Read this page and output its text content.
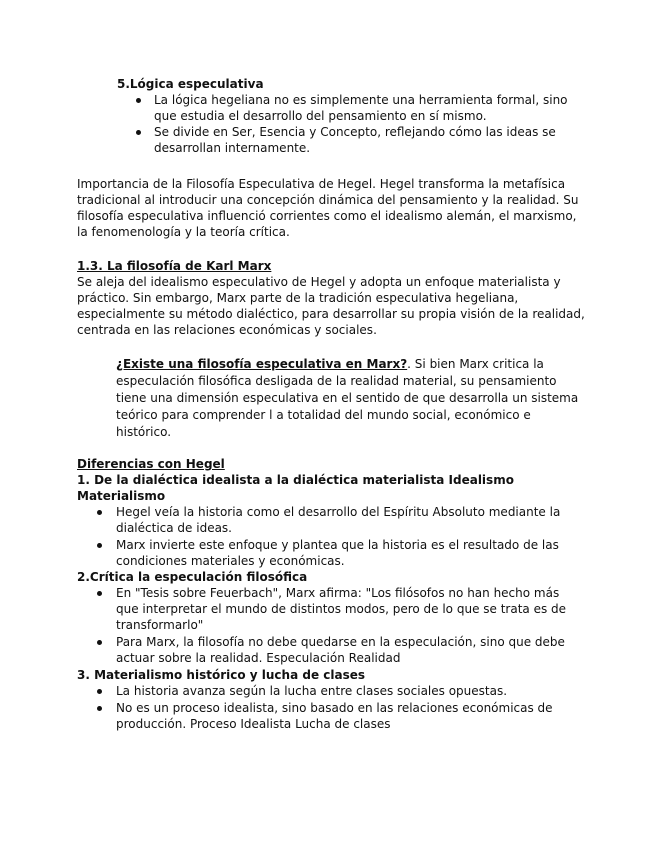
5.Lógica especulativa
La lógica hegeliana no es simplemente una herramienta formal, sino
que estudia el desarrollo del pensamiento en sí mismo.
Se divide en Ser, Esencia y Concepto, reflejando cómo las ideas se
desarrollan internamente.
Importancia de la Filosofía Especulativa de Hegel. Hegel transforma la metafísica
tradicional al introducir una concepción dinámica del pensamiento y la realidad. Su
filosofía especulativa influenció corrientes como el idealismo alemán, el marxismo,
la fenomenología y la teoría crítica.
1.3. La filosofía de Karl Marx
Se aleja del idealismo especulativo de Hegel y adopta un enfoque materialista y
práctico. Sin embargo, Marx parte de la tradición especulativa hegeliana,
especialmente su método dialéctico, para desarrollar su propia visión de la realidad,
centrada en las relaciones económicas y sociales.
¿Existe una filosofía especulativa en Marx?. Si bien Marx critica la
especulación filosófica desligada de la realidad material, su pensamiento
tiene una dimensión especulativa en el sentido de que desarrolla un sistema
teórico para comprender l a totalidad del mundo social, económico e
histórico.
Diferencias con Hegel
1. De la dialéctica idealista a la dialéctica materialista Idealismo
Materialismo
Hegel veía la historia como el desarrollo del Espíritu Absoluto mediante la
dialéctica de ideas.
Marx invierte este enfoque y plantea que la historia es el resultado de las
condiciones materiales y económicas.
2.Crítica la especulación filosófica
En "Tesis sobre Feuerbach", Marx afirma: "Los filósofos no han hecho más
que interpretar el mundo de distintos modos, pero de lo que se trata es de
transformarlo"
Para Marx, la filosofía no debe quedarse en la especulación, sino que debe
actuar sobre la realidad. Especulación Realidad
3. Materialismo histórico y lucha de clases
La historia avanza según la lucha entre clases sociales opuestas.
No es un proceso idealista, sino basado en las relaciones económicas de
producción. Proceso Idealista Lucha de clases
